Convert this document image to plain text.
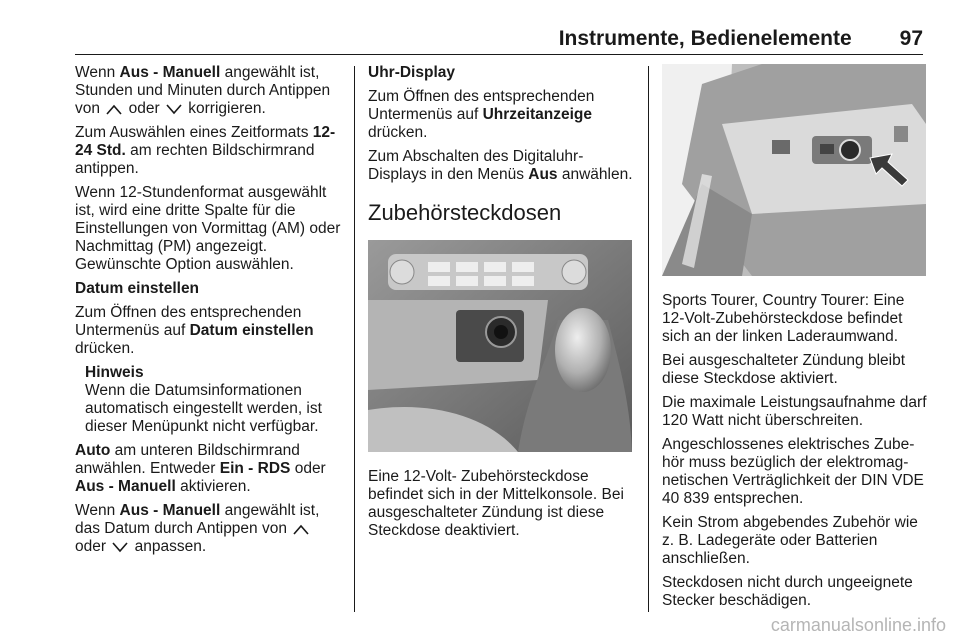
Instrumente, Bedienelemente 97

Wenn Aus - Manuell angewählt ist, Stunden und Minuten durch Antippen von  oder  korrigieren.

Zum Auswählen eines Zeitformats 12-24 Std. am rechten Bildschirmrand antippen.

Wenn 12-Stundenformat ausgewählt ist, wird eine dritte Spalte für die Einstellungen von Vormittag (AM) oder Nachmittag (PM) angezeigt. Gewünschte Option auswählen.

Datum einstellen

Zum Öffnen des entsprechenden Untermenüs auf Datum einstellen drücken.

Hinweis
Wenn die Datumsinformationen automatisch eingestellt werden, ist dieser Menüpunkt nicht verfügbar.

Auto am unteren Bildschirmrand anwählen. Entweder Ein - RDS oder Aus - Manuell aktivieren.

Wenn Aus - Manuell angewählt ist, das Datum durch Antippen von
oder  anpassen.

Uhr-Display

Zum Öffnen des entsprechenden Untermenüs auf Uhrzeitanzeige drücken.

Zum Abschalten des Digitaluhr-Displays in den Menüs Aus anwählen.

Zubehörsteckdosen

Eine 12-Volt- Zubehörsteckdose befindet sich in der Mittelkonsole. Bei ausgeschalteter Zündung ist diese Steckdose deaktiviert.

Sports Tourer, Country Tourer: Eine 12-Volt-Zubehörsteckdose befindet sich an der linken Laderaumwand.

Bei ausgeschalteter Zündung bleibt diese Steckdose aktiviert.

Die maximale Leistungsaufnahme darf 120 Watt nicht überschreiten.

Angeschlossenes elektrisches Zubehör muss bezüglich der elektromagnetischen Verträglichkeit der DIN VDE 40 839 entsprechen.

Kein Strom abgebendes Zubehör wie z. B. Ladegeräte oder Batterien anschließen.

Steckdosen nicht durch ungeeignete Stecker beschädigen.

carmanualsonline.info
